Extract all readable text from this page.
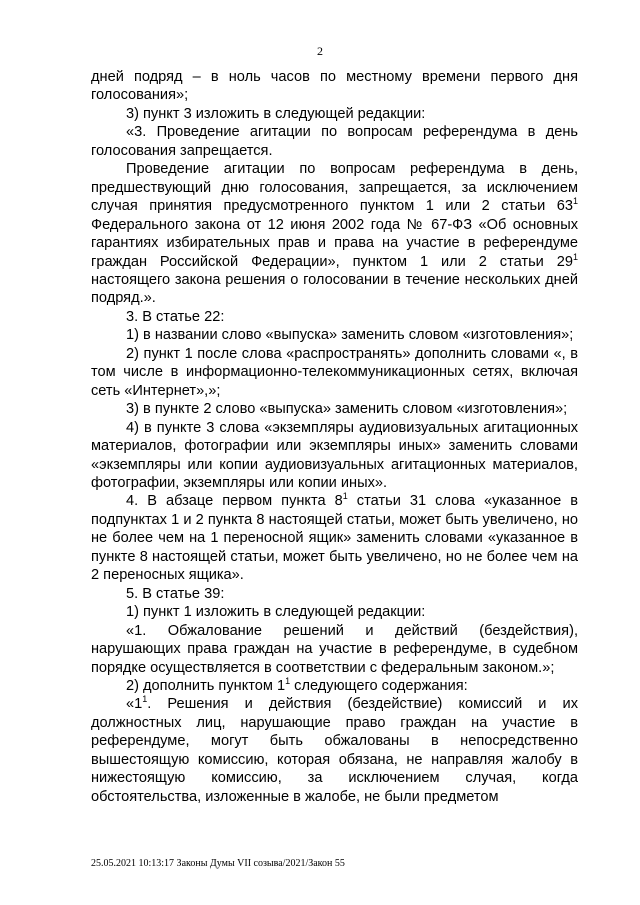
2

дней подряд – в ноль часов по местному времени первого дня голосования»;

3) пункт 3 изложить в следующей редакции:

«3. Проведение агитации по вопросам референдума в день голосования запрещается.

Проведение агитации по вопросам референдума в день, предшествующий дню голосования, запрещается, за исключением случая принятия предусмотренного пунктом 1 или 2 статьи $63^1$ Федерального закона от 12 июня 2002 года № 67-ФЗ «Об основных гарантиях избирательных прав и права на участие в референдуме граждан Российской Федерации», пунктом 1 или 2 статьи $29^1$ настоящего закона решения о голосовании в течение нескольких дней подряд.».

3. В статье 22:

1) в названии слово «выпуска» заменить словом «изготовления»;

2) пункт 1 после слова «распространять» дополнить словами «, в том числе в информационно-телекоммуникационных сетях, включая сеть «Интернет»,»;

3) в пункте 2 слово «выпуска» заменить словом «изготовления»;

4) в пункте 3 слова «экземпляры аудиовизуальных агитационных материалов, фотографии или экземпляры иных» заменить словами «экземпляры или копии аудиовизуальных агитационных материалов, фотографии, экземпляры или копии иных».

4. В абзаце первом пункта $8^1$ статьи 31 слова «указанное в подпунктах 1 и 2 пункта 8 настоящей статьи, может быть увеличено, но не более чем на 1 переносной ящик» заменить словами «указанное в пункте 8 настоящей статьи, может быть увеличено, но не более чем на 2 переносных ящика».

5. В статье 39:

1) пункт 1 изложить в следующей редакции:

«1. Обжалование решений и действий (бездействия), нарушающих права граждан на участие в референдуме, в судебном порядке осуществляется в соответствии с федеральным законом.»;

2) дополнить пунктом $1^1$ следующего содержания:

«$1^1$. Решения и действия (бездействие) комиссий и их должностных лиц, нарушающие право граждан на участие в референдуме, могут быть обжалованы в непосредственно вышестоящую комиссию, которая обязана, не направляя жалобу в нижестоящую комиссию, за исключением случая, когда обстоятельства, изложенные в жалобе, не были предметом

25.05.2021 10:13:17 Законы Думы VII созыва/2021/Закон 55
